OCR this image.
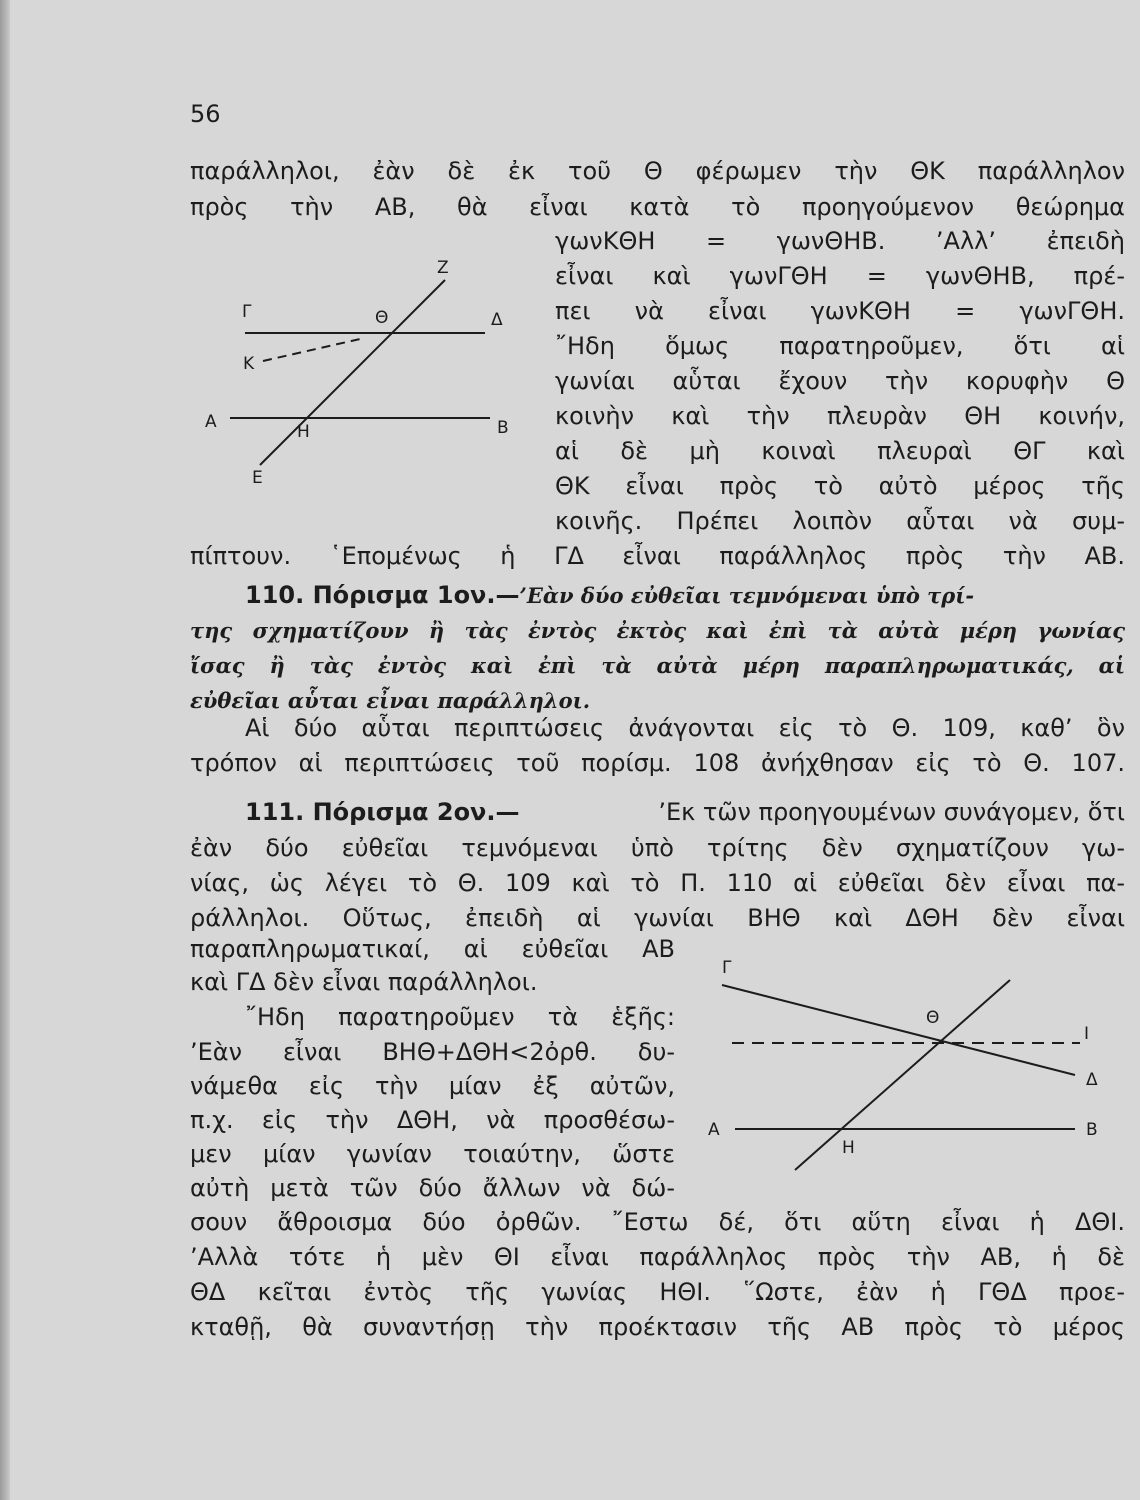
56
παράλληλοι, ἐὰν δὲ ἐκ τοῦ Θ φέρωμεν τὴν ΘΚ παράλληλον
πρὸς τὴν ΑΒ, θὰ εἶναι κατὰ τὸ προηγούμενον θεώρημα
γωνΚΘΗ = γωνΘΗΒ. ’Αλλ’ ἐπειδὴ
εἶναι καὶ γωνΓΘΗ = γωνΘΗΒ, πρέ-
πει νὰ εἶναι γωνΚΘΗ = γωνΓΘΗ.
῎Ηδη ὅμως παρατηροῦμεν, ὅτι αἱ
γωνίαι αὗται ἔχουν τὴν κορυφὴν Θ
κοινὴν καὶ τὴν πλευρὰν ΘΗ κοινήν,
αἱ δὲ μὴ κοιναὶ πλευραὶ ΘΓ καὶ
ΘΚ εἶναι πρὸς τὸ αὐτὸ μέρος τῆς
κοινῆς. Πρέπει λοιπὸν αὗται νὰ συμ-
πίπτουν. ῾Επομένως ἡ ΓΔ εἶναι παράλληλος πρὸς τὴν ΑΒ.
Z
Γ	Θ	Δ
K
A	H	B
E
110. Πόρισμα 1ον.—’Εὰν δύο εὐθεῖαι τεμνόμεναι ὑπὸ τρί-
της σχηματίζουν ἢ τὰς ἐντὸς ἐκτὸς καὶ ἐπὶ τὰ αὐτὰ μέρη γωνίας
ἴσας ἢ τὰς ἐντὸς καὶ ἐπὶ τὰ αὐτὰ μέρη παραπληρωματικάς, αἱ
εὐθεῖαι αὗται εἶναι παράλληλοι.
Αἱ δύο αὗται περιπτώσεις ἀνάγονται εἰς τὸ Θ. 109, καθ’ ὃν
τρόπον αἱ περιπτώσεις τοῦ πορίσμ. 108 ἀνήχθησαν εἰς τὸ Θ. 107.
111. Πόρισμα 2ον.—	’Εκ τῶν προηγουμένων συνάγομεν, ὅτι
ἐὰν δύο εὐθεῖαι τεμνόμεναι ὑπὸ τρίτης δὲν σχηματίζουν γω-
νίας, ὡς λέγει τὸ Θ. 109 καὶ τὸ Π. 110 αἱ εὐθεῖαι δὲν εἶναι πα-
ράλληλοι. Οὕτως, ἐπειδὴ αἱ γωνίαι ΒΗΘ καὶ ΔΘΗ δὲν εἶναι
παραπληρωματικαί, αἱ εὐθεῖαι ΑΒ
καὶ ΓΔ δὲν εἶναι παράλληλοι.
῎Ηδη παρατηροῦμεν τὰ ἑξῆς:
’Εὰν εἶναι ΒΗΘ+ΔΘΗ<2ὀρθ. δυ-
νάμεθα εἰς τὴν μίαν ἐξ αὐτῶν,
π.χ. εἰς τὴν ΔΘΗ, νὰ προσθέσω-
μεν μίαν γωνίαν τοιαύτην, ὥστε
αὐτὴ μετὰ τῶν δύο ἄλλων νὰ δώ-
σουν ἄθροισμα δύο ὀρθῶν. ῎Εστω δέ, ὅτι αὕτη εἶναι ἡ ΔΘΙ.
’Αλλὰ τότε ἡ μὲν ΘΙ εἶναι παράλληλος πρὸς τὴν ΑΒ, ἡ δὲ
ΘΔ κεῖται ἐντὸς τῆς γωνίας ΗΘΙ. ῞Ωστε, ἐὰν ἡ ΓΘΔ προε-
κταθῇ, θὰ συναντήσῃ τὴν προέκτασιν τῆς ΑΒ πρὸς τὸ μέρος
Γ
Θ
I
Δ
A
H
B
